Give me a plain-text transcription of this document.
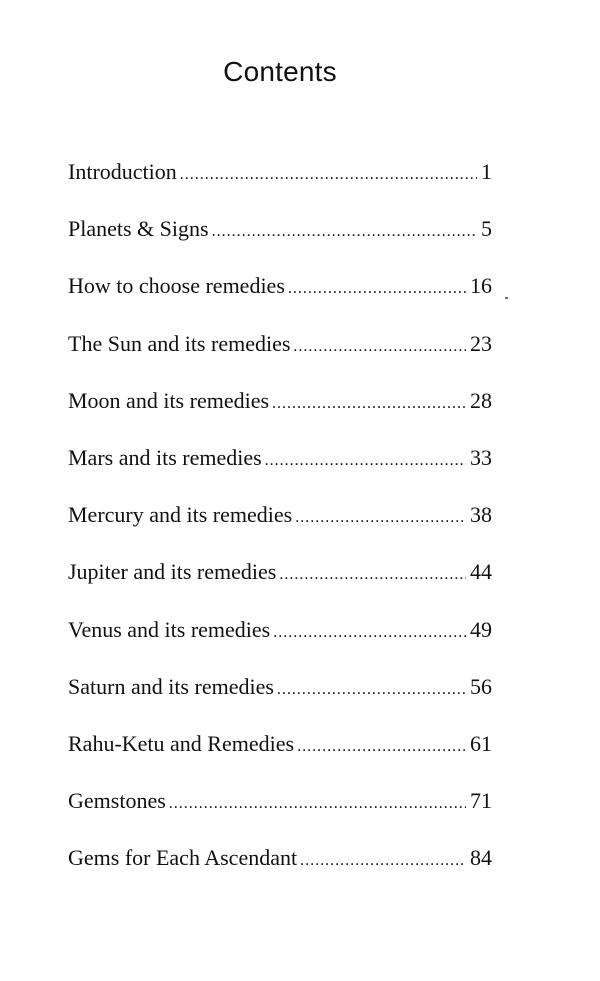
Contents
Introduction .....	1
Planets & Signs .....	5
How to choose remedies .....	16
The Sun and its remedies .....	23
Moon and its remedies .....	28
Mars and its remedies .....	33
Mercury and its remedies .....	38
Jupiter and its remedies .....	44
Venus and its remedies .....	49
Saturn and its remedies .....	56
Rahu-Ketu and Remedies .....	61
Gemstones .....	71
Gems for Each Ascendant .....	84
